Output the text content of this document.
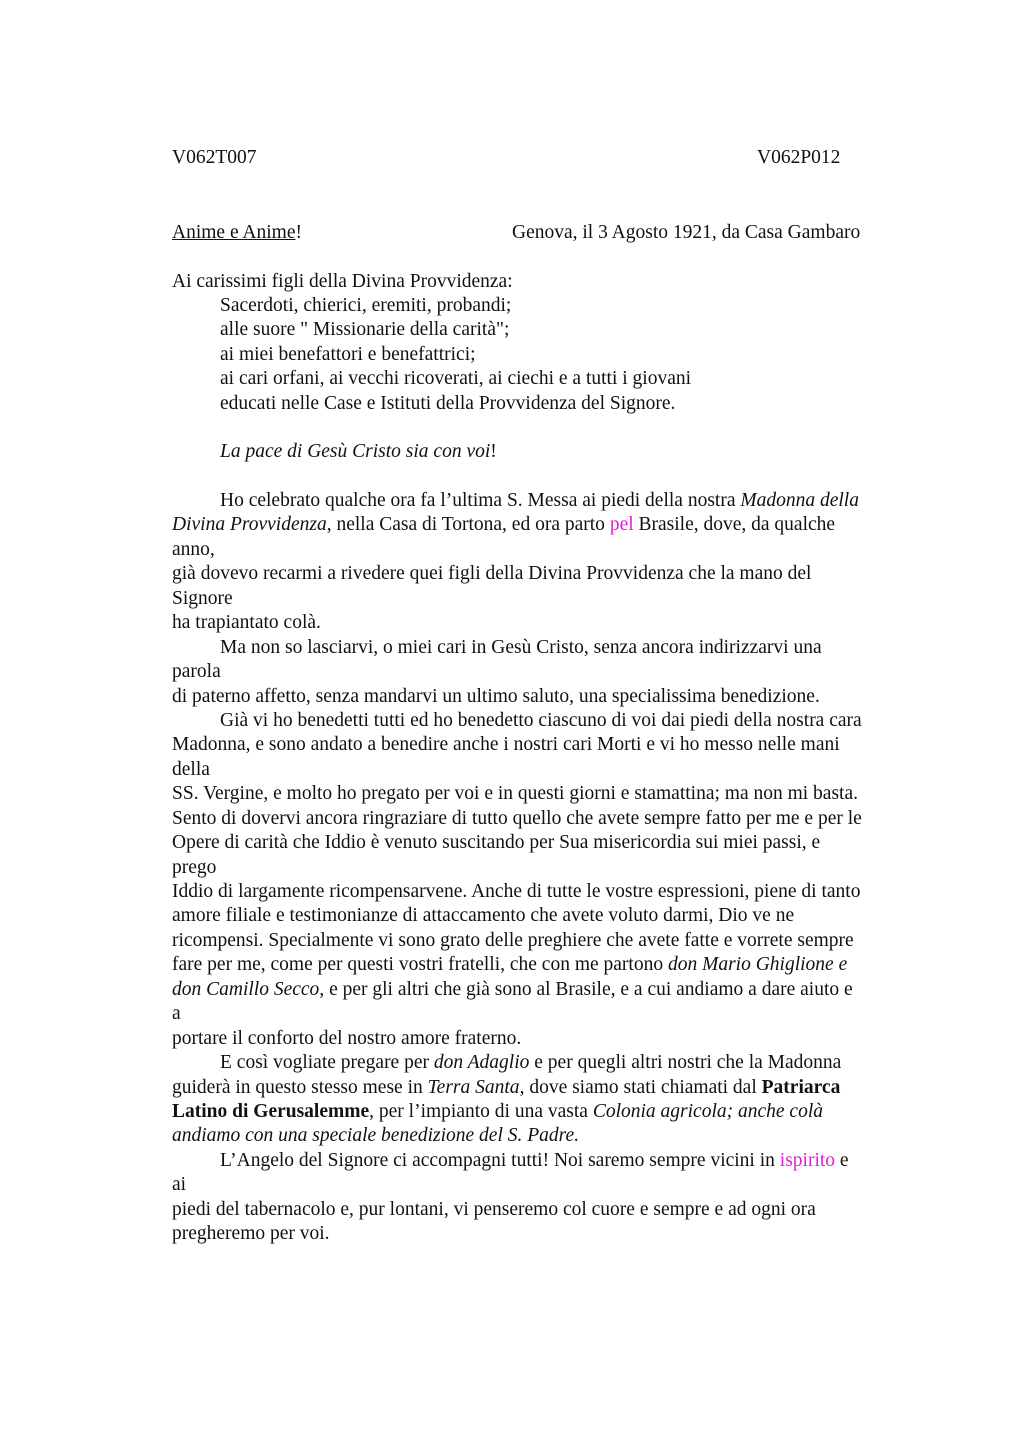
V062T007	V062P012
Anime e Anime!	Genova, il 3 Agosto 1921, da Casa Gambaro
Ai carissimi figli della Divina Provvidenza:
Sacerdoti, chierici, eremiti, probandi;
alle suore " Missionarie della carità";
ai miei benefattori e benefattrici;
ai cari orfani, ai vecchi ricoverati, ai ciechi e a tutti i giovani
educati nelle Case e Istituti della Provvidenza del Signore.
La pace di Gesù Cristo sia con voi!
Ho celebrato qualche ora fa l’ultima S. Messa ai piedi della nostra Madonna della
Divina Provvidenza, nella Casa di Tortona, ed ora parto pel Brasile, dove, da qualche
anno,
già dovevo recarmi a rivedere quei figli della Divina Provvidenza che la mano del
Signore
ha trapiantato colà.
Ma non so lasciarvi, o miei cari in Gesù Cristo, senza ancora indirizzarvi una
parola
di paterno affetto, senza mandarvi un ultimo saluto, una specialissima benedizione.
Già vi ho benedetti tutti ed ho benedetto ciascuno di voi dai piedi della nostra cara
Madonna, e sono andato a benedire anche i nostri cari Morti e vi ho messo nelle mani
della
SS. Vergine, e molto ho pregato per voi e in questi giorni e stamattina; ma non mi basta.
Sento di dovervi ancora ringraziare di tutto quello che avete sempre fatto per me e per le
Opere di carità che Iddio è venuto suscitando per Sua misericordia sui miei passi, e
prego
Iddio di largamente ricompensarvene. Anche di tutte le vostre espressioni, piene di tanto
amore filiale e testimonianze di attaccamento che avete voluto darmi, Dio ve ne
ricompensi. Specialmente vi sono grato delle preghiere che avete fatte e vorrete sempre
fare per me, come per questi vostri fratelli, che con me partono don Mario Ghiglione e
don Camillo Secco, e per gli altri che già sono al Brasile, e a cui andiamo a dare aiuto e
a
portare il conforto del nostro amore fraterno.
E così vogliate pregare per don Adaglio e per quegli altri nostri che la Madonna
guiderà in questo stesso mese in Terra Santa, dove siamo stati chiamati dal Patriarca
Latino di Gerusalemme, per l’impianto di una vasta Colonia agricola; anche colà
andiamo con una speciale benedizione del S. Padre.
L’Angelo del Signore ci accompagni tutti! Noi saremo sempre vicini in ispirito e
ai
piedi del tabernacolo e, pur lontani, vi penseremo col cuore e sempre e ad ogni ora
pregheremo per voi.
